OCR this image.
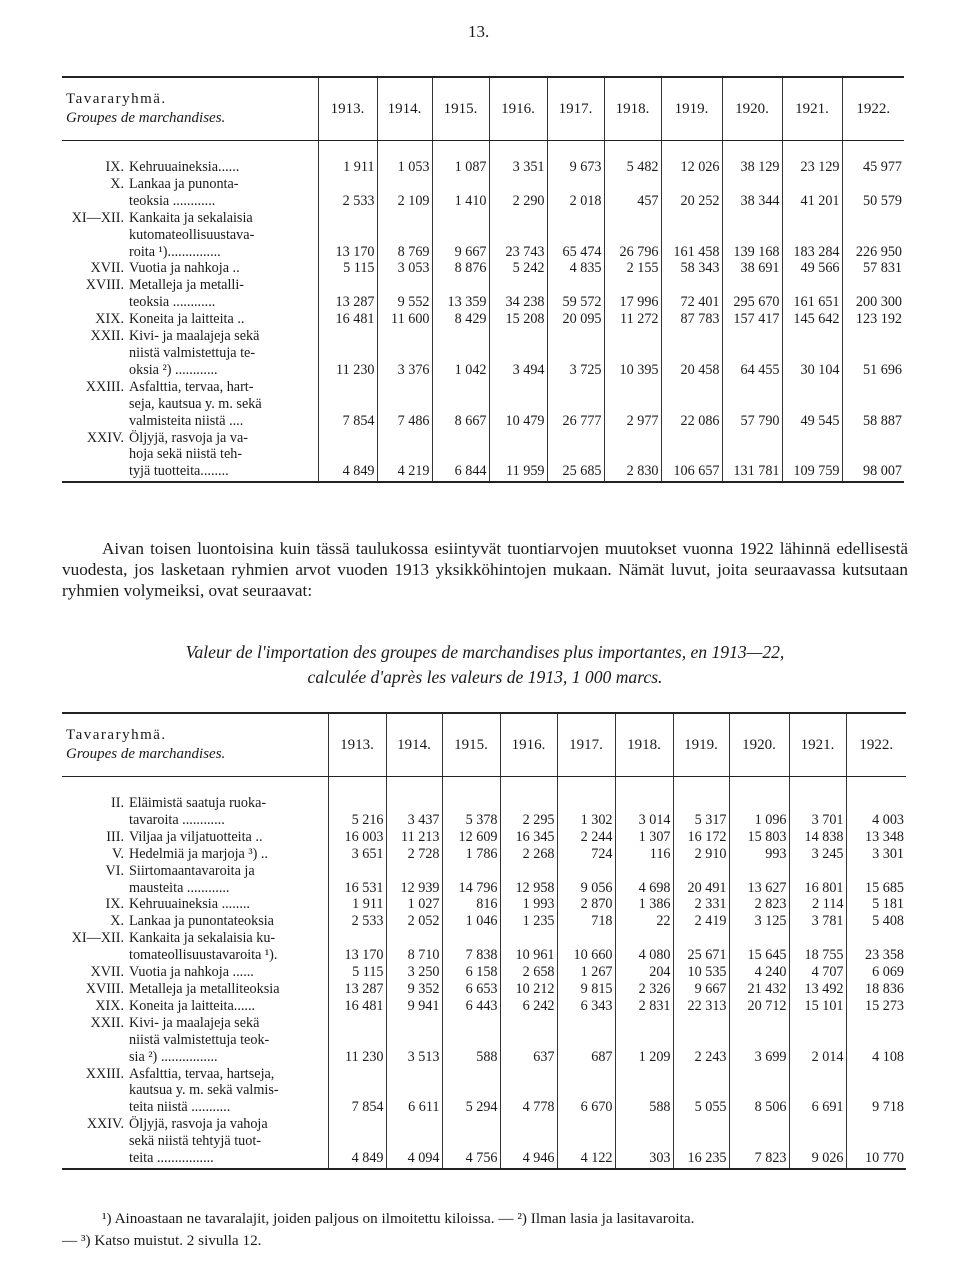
13.
Tavararyhmä.
Groupes de marchandises.		1913.	1914.	1915.	1916.	1917.	1918.	1919.	1920.	1921.	1922.

IX.	Kehruuaineksia......	1 911	1 053	1 087	3 351	9 673	5 482	12 026	38 129	23 129	45 977
X.	Lankaa ja punonta-
teoksia ............	2 533	2 109	1 410	2 290	2 018	457	20 252	38 344	41 201	50 579
XI—XII.	Kankaita ja sekalaisia
kutomateollisuustava-
roita ¹)...............	13 170	8 769	9 667	23 743	65 474	26 796	161 458	139 168	183 284	226 950
XVII.	Vuotia ja nahkoja ..	5 115	3 053	8 876	5 242	4 835	2 155	58 343	38 691	49 566	57 831
XVIII.	Metalleja ja metalli-
teoksia ............	13 287	9 552	13 359	34 238	59 572	17 996	72 401	295 670	161 651	200 300
XIX.	Koneita ja laitteita ..	16 481	11 600	8 429	15 208	20 095	11 272	87 783	157 417	145 642	123 192
XXII.	Kivi- ja maalajeja sekä
niistä valmistettuja te-
oksia ²) ............	11 230	3 376	1 042	3 494	3 725	10 395	20 458	64 455	30 104	51 696
XXIII.	Asfalttia, tervaa, hart-
seja, kautsua y. m. sekä
valmisteita niistä ....	7 854	7 486	8 667	10 479	26 777	2 977	22 086	57 790	49 545	58 887
XXIV.	Öljyjä, rasvoja ja va-
hoja sekä niistä teh-
tyjä tuotteita........	4 849	4 219	6 844	11 959	25 685	2 830	106 657	131 781	109 759	98 007

Aivan toisen luontoisina kuin tässä taulukossa esiintyvät tuontiarvojen muutokset vuonna 1922 lähinnä edellisestä vuodesta, jos lasketaan ryhmien arvot vuoden 1913 yksikköhintojen mukaan. Nämät luvut, joita seuraavassa kutsutaan ryhmien volymeiksi, ovat seuraavat:

Valeur de l'importation des groupes de marchandises plus importantes, en 1913—22,
calculée d'après les valeurs de 1913, 1 000 marcs.

Tavararyhmä.
Groupes de marchandises.		1913.	1914.	1915.	1916.	1917.	1918.	1919.	1920.	1921.	1922.

II.	Eläimistä saatuja ruoka-
tavaroita ............	5 216	3 437	5 378	2 295	1 302	3 014	5 317	1 096	3 701	4 003
III.	Viljaa ja viljatuotteita ..	16 003	11 213	12 609	16 345	2 244	1 307	16 172	15 803	14 838	13 348
V.	Hedelmiä ja marjoja ³) ..	3 651	2 728	1 786	2 268	724	116	2 910	993	3 245	3 301
VI.	Siirtomaantavaroita ja
mausteita ............	16 531	12 939	14 796	12 958	9 056	4 698	20 491	13 627	16 801	15 685
IX.	Kehruuaineksia ........	1 911	1 027	816	1 993	2 870	1 386	2 331	2 823	2 114	5 181
X.	Lankaa ja punontateoksia	2 533	2 052	1 046	1 235	718	22	2 419	3 125	3 781	5 408
XI—XII.	Kankaita ja sekalaisia ku-
tomateollisuustavaroita ¹).	13 170	8 710	7 838	10 961	10 660	4 080	25 671	15 645	18 755	23 358
XVII.	Vuotia ja nahkoja ......	5 115	3 250	6 158	2 658	1 267	204	10 535	4 240	4 707	6 069
XVIII.	Metalleja ja metalliteoksia	13 287	9 352	6 653	10 212	9 815	2 326	9 667	21 432	13 492	18 836
XIX.	Koneita ja laitteita......	16 481	9 941	6 443	6 242	6 343	2 831	22 313	20 712	15 101	15 273
XXII.	Kivi- ja maalajeja sekä
niistä valmistettuja teok-
sia ²) ................	11 230	3 513	588	637	687	1 209	2 243	3 699	2 014	4 108
XXIII.	Asfalttia, tervaa, hartseja,
kautsua y. m. sekä valmis-
teita niistä ...........	7 854	6 611	5 294	4 778	6 670	588	5 055	8 506	6 691	9 718
XXIV.	Öljyjä, rasvoja ja vahoja
sekä niistä tehtyjä tuot-
teita ................	4 849	4 094	4 756	4 946	4 122	303	16 235	7 823	9 026	10 770

¹) Ainoastaan ne tavaralajit, joiden paljous on ilmoitettu kiloissa. — ²) Ilman lasia ja lasitavaroita.
— ³) Katso muistut. 2 sivulla 12.
